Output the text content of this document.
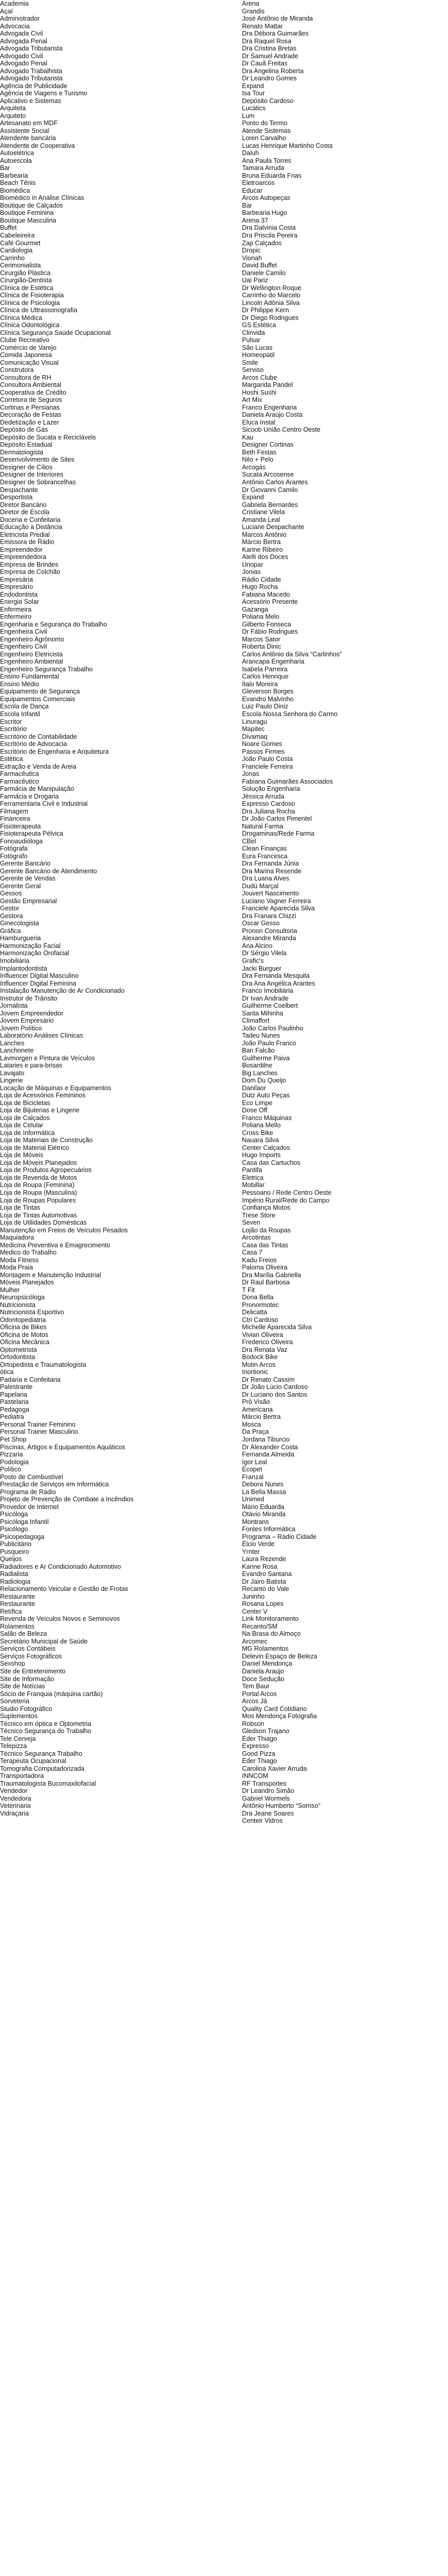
Academia
Açaí
Administrador
Advocacia
Advogada Civil
Advogada Penal
Advogada Tributarista
Advogado Civil
Advogado Penal
Advogado Trabalhista
Advogado Tributarista
Agência de Publicidade
Agência de Viagens e Turismo
Aplicativo e Sistemas
Arquiteta
Arquiteto
Artesanato em MDF
Assistente Social
Atendente bancária
Atendente de Cooperativa
Autoelétrica
Autoescola
Bar
Barbearia
Beach Tênis
Biomédica
Biomédico in Análise Clínicas
Boutique de Calçados
Boutique Feminina
Boutique Masculina
Buffet
Cabeleireira
Café Gourmet
Cardiologia
Carrinho
Cerimonialista
Cirurgião Plástica
Cirurgião-Dentista
Clínica de Estética
Clínica de Fisioterapia
Clínica de Psicologia
Clínica de Ultrassonografia
Clínica Médica
Clínica Odontológica
Clínica Segurança Saúde Ocupacional
Clube Recreativo
Comércio de Varejo
Comida Japonesa
Comunicação Visual
Construtora
Consultora de RH
Consultora Ambiental
Cooperativa de Crédito
Corretora de Seguros
Cortinas e Persianas
Decoração de Festas
Dedetização e Lazer
Depósito de Gás
Depósito de Sucata e Reciclávels
Depósito Estadual
Dermatologista
Desenvolvimento de Sites
Designer de Cílios
Designer de Interiores
Designer de Sobrancelhas
Despachante
Desportista
Diretor Bancário
Diretor de Escola
Doceria e Confeitaria
Educação a Distância
Eletricista Predial
Emissora de Rádio
Empreendedor
Empreendedora
Empresa de Brindes
Empresa de Colchão
Empresária
Empresário
Endodontista
Energia Solar
Enfermeira
Enfermeiro
Engenharia e Segurança do Trabalho
Engenheira Civil
Engenheiro Agrônomo
Engenheiro Civil
Engenheiro Eletricista
Engenheiro Ambiental
Engenheiro Segurança Trabalho
Ensino Fundamental
Ensino Médio
Equipamento de Segurança
Equipamentos Comerciais
Escola de Dança
Escola Infantil
Escritor
Escritório
Escritório de Contabilidade
Escritório de Advocacia
Escritório de Engenharia e Arquitetura
Estética
Extração e Venda de Areia
Farmacêutica
Farmacêutico
Farmácia de Manipulação
Farmácia e Drogaria
Ferramentaria Civil e Industrial
Filmagem
Financeira
Fisioterapeuta
Fisioterapeuta Pélvica
Fonoaudióloga
Fotógrafa
Fotógrafo
Gerente Bancário
Gerente Bancário de Atendimento
Gerente de Vendas
Gerente Geral
Gessos
Gestão Empresarial
Gestor
Gestora
Ginecologista
Gráfica
Hamburgueria
Harmonização Facial
Harmonização Orofacial
Imobiliária
Implantodontista
Influencer Digital Masculino
Influencer Digital Feminina
Instalação Manutenção de Ar Condicionado
Instrutor de Trânsito
Jornalista
Jovem Empreendedor
Jovem Empresário
Jovem Político
Laboratório Análises Clínicas
Lanches
Lanchonete
Lavmorgen e Pintura de Veículos
Lataries e para-brisas
Lavajato
Lingerie
Locação de Máquinas e Equipamentos
Loja de Acessórios Femininos
Loja de Bicicletas
Loja de Bijuterias e Lingerie
Loja de Calçados
Loja de Celular
Loja de Informática
Loja de Materiais de Construção
Loja de Material Elétrico
Loja de Móveis
Loja de Móveis Planejados
Loja de Produtos Agropecuários
Loja de Revenda de Motos
Loja de Roupa (Feminina)
Loja de Roupa (Masculina)
Loja de Roupas Populares
Loja de Tintas
Loja de Tintas Automotivas
Loja de Utilidades Domésticas
Manutenção em Freios de Veículos Pesados
Maquiadora
Medicina Preventiva e Emagrecimento
Medico do Trabalho
Moda Fitness
Moda Praia
Montagem e Manutenção Industrial
Móveis Planejados
Mulher
Neuropsicóloga
Nutricionista
Nutricionista Esportivo
Odontopediatria
Oficina de Bikes
Oficina de Motos
Oficina Mecânica
Optometrista
Ortodontista
Ortopedista e Traumatologista
ótica
Padaria e Confeitaria
Palestrante
Papelaria
Pastelaria
Pedagoga
Pediatra
Personal Trainer Feminino
Personal Trainer Masculino
Pet Shop
Piscinas, Artigos e Equipamentos Aquáticos
Pizzaria
Podologia
Político
Posto de Combustível
Prestação de Serviços em Informática
Programa de Rádio
Projeto de Prevenção de Combate a Incêndios
Provedor de Internet
Psicóloga
Psicóloga Infantil
Psicólogo
Psicopedagoga
Publicitário
Pusqueiro
Queijos
Radiadores e Ar Condicionado Automotivo
Radialista
Radiologia
Relacionamento Veicular e Gestão de Frotas
Restaurante
Restaurante
Retífica
Revenda de Veículos Novos e Seminovos
Rolamentos
Salão de Beleza
Secretário Municipal de Saúde
Serviços Contábeis
Serviços Fotográficos
Sexshop
Site de Entretenimento
Site de Informação
Site de Notícias
Sócio de Franquia (máquina cartão)
Sorveteria
Studio Fotográfico
Suplementos
Técnico em óptica e Optometria
Técnico Segurança do Trabalho
Tele Cerveja
Telepizza
Técnico Segurança Trabalho
Terapeuta Ocupacional
Tomografia Computadorizada
Transportadora
Traumatologista Bucomaxilofacial
Vendedor
Vendedora
Veterinária
Vidraçaria
Arena
Grandis
José Antônio de Miranda
Renato Mattar
Dra Débora Guimarães
Dra Raquel Rosa
Dra Cristina Bretas
Dr Samuel Andrade
Dr Cauã Freitas
Dra Angelina Roberta
Dr Leandro Gomes
Expand
Isa Tour
Depósito Cardoso
Lucátics
Lum
Ponto do Termo
Atende Sistemas
Loren Carvalho
Lucas Henrique Martinho Costa
Daluh
Ana Paula Torres
Tamara Arruda
Bruna Eduarda Frias
Eletroarcos
Educar
Arcos Autopeças
Bar
Barbearia Hugo
Arena 37
Dra Dalvinia Costa
Dra Priscila Pereira
Zap Calçados
Dropic
Vionah
David Buffet
Daniele Camilo
Uai Pariz
Dr Wellington Roque
Carrinho do Marcelo
Lincoln Adônia Silva
Dr Philippe Kern
Dr Diego Rodrigues
GS Estética
Clinvida
Pulsar
São Lucas
Homeopatil
Smile
Serviso
Arcos Clube
Margarida Paridel
Hoshi Sushi
Art Mix
Franco Engenharia
Daniela Araújo Costa
Eluca Instal
Sicoob União Centro Oeste
Kau
Designer Cortinas
Beth Festas
Nilo + Pelo
Arcogás
Sucata Arcosense
Antônio Carlos Arantes
Dr Giovanni Camilo
Expand
Gabriela Bernardes
Cristiane Vilela
Amanda Leal
Luciane Despachante
Marcos Antônio
Márcio Bertra
Karine Ribeiro
Atelli dos Doces
Unopar
Jonias
Rádio Cidade
Hugo Rocha
Fabiana Macedo
Acessório Presente
Gazanga
Poliana Melo
Gilberto Fonseca
Dr Fábio Rodrigues
Marcos Sator
Roberta Dinic
Carlos Antônio da Silva “Carlinhos”
Arancapa Engenharia
Isabela Parreira
Carlos Henrique
Ítalo Moreira
Gleverson Borges
Evandro Malvinho
Luiz Paulo Diniz
Escola Nossa Senhora do Carmo
Linuragu
Mapitec
Divamaq
Noare Gomes
Passos Firmes
João Paulo Costa
Franciele Ferreira
Jonas
Fabiana Guimarães Associados
Solução Engenharia
Jéssica Arruda
Expresso Cardoso
Dra Juliana Rocha
Dr João Carlos Pimentel
Natural Farma
Drogaminas/Rede Farma
CBel
Clean Finanças
Eura Francesca
Dra Fernanda Júnia
Dra Marina Resende
Dra Luana Alves
Dudú Marçal
Jouvert Nascimento
Luciano Vagner Ferreira
Franciele Aparecida Silva
Dra Franara Chizzi
Oscar Gesso
Pronon Consultoria
Alexandre Miranda
Ana Alcino
Dr Sérgio Vilela
Grafic's
Jacki Burguer
Dra Fernanda Mesquita
Dra Ana Angélica Arantes
Franco Imobiliária
Dr Ivan Andrade
Guilherme Coelbert
Sarita Mihinha
Climaffort
João Carlos Paulinho
Tadeu Nunes
João Paulo Franco
Ban Falcão
Guilherme Paiva
Bosardilne
Big Lanches
Dom Du Queijo
Danilaor
Dutz Auto Peças
Eco Limpe
Dose Off
Franco Máquinas
Poliana Mello
Cross Bike
Nauara Silva
Center Calçados
Hugo Imports
Casa das Cartuchos
Pantifa
Eletrica
Mobillar
Pessoano / Rede Centro Oeste
Império Rural/Rede do Campo
Confiança Motos
Trese Store
Seven
Lojão da Roupas
Arcotintas
Casa das Tintas
Casa 7
Kadu Freios
Paloma Oliveira
Dra Marília Gabriella
Dr Raul Barbosa
T Fit
Dona Bella
Pronormotec
Delicatta
Ctri Cardoso
Michelle Aparecida Silva
Vivian Oliveira
Frederico Oliveira
Dra Renata Vaz
Bodock Bike
Motin Arcos
Inortionic
Dr Renato Cassim
Dr João Lúcio Cardoso
Dr Luciano dos Santos
Prô Visão
Americana
Márcio Bertra
Mosca
Da Praça
Jordana Tiburcio
Dr Alexander Costa
Fernanda Almeida
Igor Leal
Ecopet
Franzal
Debora Nunes
La Bella Massa
Unimed
Mário Eduarda
Otávio Miranda
Montrans
Fontes Informática
Programa – Rádio Cidade
Élcio Verde
Yrnter
Laura Rezende
Karine Rosa
Evandro Santana
Dr Jairo Batista
Recanto do Vale
Juninho
Rosana Lopes
Center V
Link Monitoramento
Recanto/SM
Na Brasa do Almoço
Arcomec
MG Rolamentos
Delevin Espaço de Beleza
Daniel Mendonça
Daniela Araújo
Doce Sedução
Tem Baur
Portal Arcos
Arcos Já
Quality Card Cotidiano
Mos Mendonça Fotografia
Robson
Gledson Trajano
Éder Thiago
Expresso
Good Pizza
Éder Thiago
Carolina Xavier Arruda
INNCOM
RF Transportes
Dr Leandro Simão
Gabriel Wormels
Antônio Humberto “Sorriso”
Dra Jeane Soares
Centeir Vidros
